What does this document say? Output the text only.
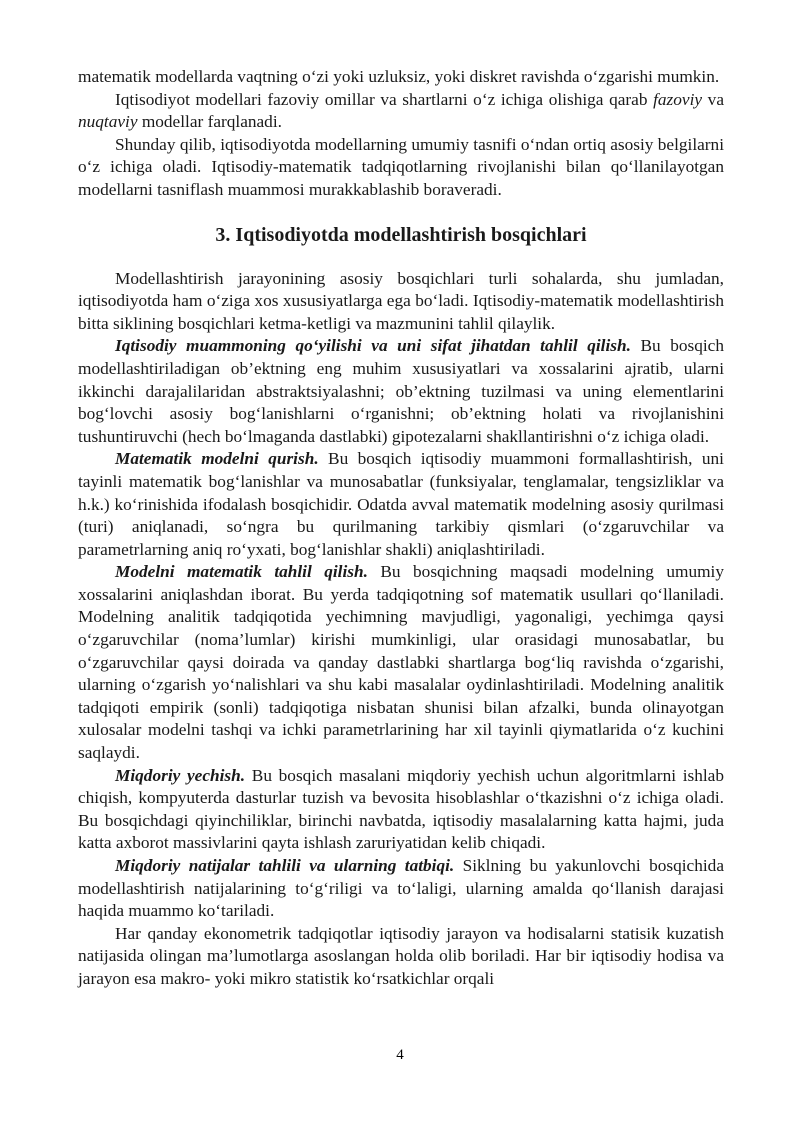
matematik modellarda vaqtning o‘zi yoki uzluksiz, yoki diskret ravishda o‘zgarishi mumkin.

Iqtisodiyot modellari fazoviy omillar va shartlarni o‘z ichiga olishiga qarab fazoviy va nuqtaviy modellar farqlanadi.

Shunday qilib, iqtisodiyotda modellarning umumiy tasnifi o‘ndan ortiq asosiy belgilarni o‘z ichiga oladi. Iqtisodiy-matematik tadqiqotlarning rivojlanishi bilan qo‘llanilayotgan modellarni tasniflash muammosi murakkablashib boraveradi.

3. Iqtisodiyotda modellashtirish bosqichlari

Modellashtirish jarayonining asosiy bosqichlari turli sohalarda, shu jumladan, iqtisodiyotda ham o‘ziga xos xususiyatlarga ega bo‘ladi. Iqtisodiy-matematik modellashtirish bitta siklining bosqichlari ketma-ketligi va mazmunini tahlil qilaylik.

Iqtisodiy muammoning qo‘yilishi va uni sifat jihatdan tahlil qilish. Bu bosqich modellashtiriladigan ob’ektning eng muhim xususiyatlari va xossalarini ajratib, ularni ikkinchi darajalilaridan abstraktsiyalashni; ob’ektning tuzilmasi va uning elementlarini bog‘lovchi asosiy bog‘lanishlarni o‘rganishni; ob’ektning holati va rivojlanishini tushuntiruvchi (hech bo‘lmaganda dastlabki) gipotezalarni shakllantirishni o‘z ichiga oladi.

Matematik modelni qurish. Bu bosqich iqtisodiy muammoni formallashtirish, uni tayinli matematik bog‘lanishlar va munosabatlar (funksiyalar, tenglamalar, tengsizliklar va h.k.) ko‘rinishida ifodalash bosqichidir. Odatda avval matematik modelning asosiy qurilmasi (turi) aniqlanadi, so‘ngra bu qurilmaning tarkibiy qismlari (o‘zgaruvchilar va parametrlarning aniq ro‘yxati, bog‘lanishlar shakli) aniqlashtiriladi.

Modelni matematik tahlil qilish. Bu bosqichning maqsadi modelning umumiy xossalarini aniqlashdan iborat. Bu yerda tadqiqotning sof matematik usullari qo‘llaniladi. Modelning analitik tadqiqotida yechimning mavjudligi, yagonaligi, yechimga qaysi o‘zgaruvchilar (noma’lumlar) kirishi mumkinligi, ular orasidagi munosabatlar, bu o‘zgaruvchilar qaysi doirada va qanday dastlabki shartlarga bog‘liq ravishda o‘zgarishi, ularning o‘zgarish yo‘nalishlari va shu kabi masalalar oydinlashtiriladi. Modelning analitik tadqiqoti empirik (sonli) tadqiqotiga nisbatan shunisi bilan afzalki, bunda olinayotgan xulosalar modelni tashqi va ichki parametrlarining har xil tayinli qiymatlarida o‘z kuchini saqlaydi.

Miqdoriy yechish. Bu bosqich masalani miqdoriy yechish uchun algoritmlarni ishlab chiqish, kompyuterda dasturlar tuzish va bevosita hisoblashlar o‘tkazishni o‘z ichiga oladi. Bu bosqichdagi qiyinchiliklar, birinchi navbatda, iqtisodiy masalalarning katta hajmi, juda katta axborot massivlarini qayta ishlash zaruriyatidan kelib chiqadi.

Miqdoriy natijalar tahlili va ularning tatbiqi. Siklning bu yakunlovchi bosqichida modellashtirish natijalarining to‘g‘riligi va to‘laligi, ularning amalda qo‘llanish darajasi haqida muammo ko‘tariladi.

Har qanday ekonometrik tadqiqotlar iqtisodiy jarayon va hodisalarni statisik kuzatish natijasida olingan ma’lumotlarga asoslangan holda olib boriladi. Har bir iqtisodiy hodisa va jarayon esa makro- yoki mikro statistik ko‘rsatkichlar orqali

4
